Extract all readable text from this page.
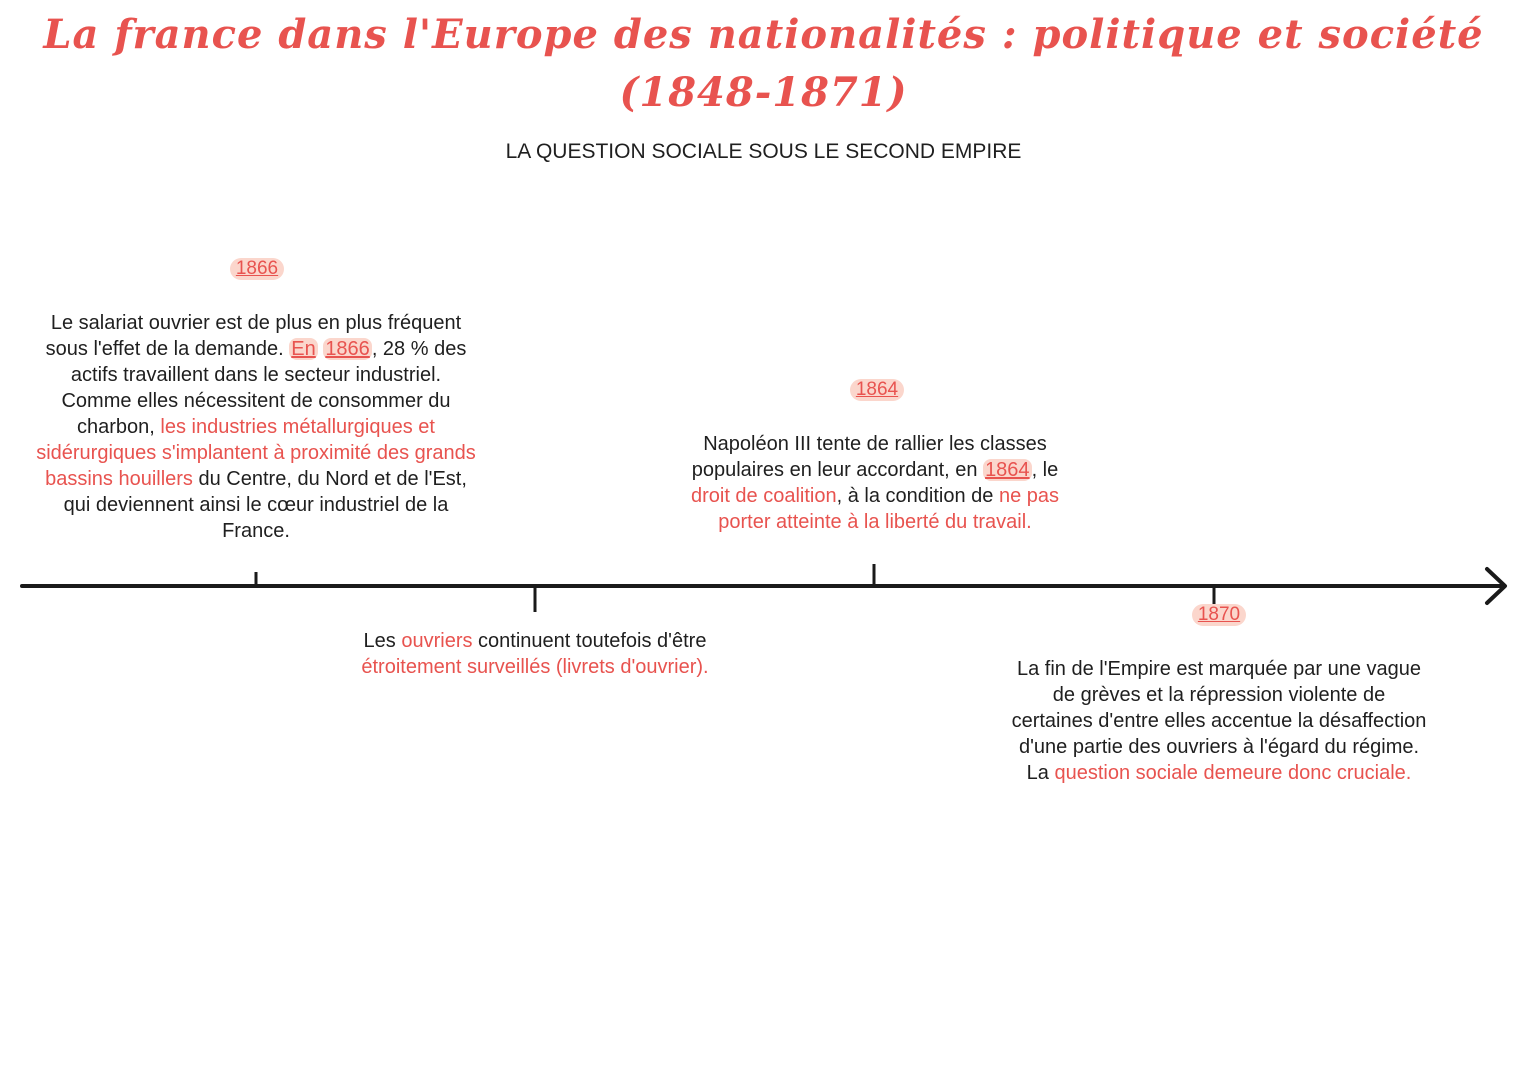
La france dans l'Europe des nationalités : politique et société
(1848-1871)
LA QUESTION SOCIALE SOUS LE SECOND EMPIRE
1866
Le salariat ouvrier est de plus en plus fréquent sous l'effet de la demande. En 1866 , 28 % des actifs travaillent dans le secteur industriel. Comme elles nécessitent de consommer du charbon, les industries métallurgiques et sidérurgiques s'implantent à proximité des grands bassins houillers du Centre, du Nord et de l'Est, qui deviennent ainsi le cœur industriel de la France.
1864
Napoléon III tente de rallier les classes populaires en leur accordant, en 1864 , le droit de coalition, à la condition de ne pas porter atteinte à la liberté du travail.
Les ouvriers continuent toutefois d'être étroitement surveillés (livrets d'ouvrier).
1870
La fin de l'Empire est marquée par une vague de grèves et la répression violente de certaines d'entre elles accentue la désaffection d'une partie des ouvriers à l'égard du régime. La question sociale demeure donc cruciale.
